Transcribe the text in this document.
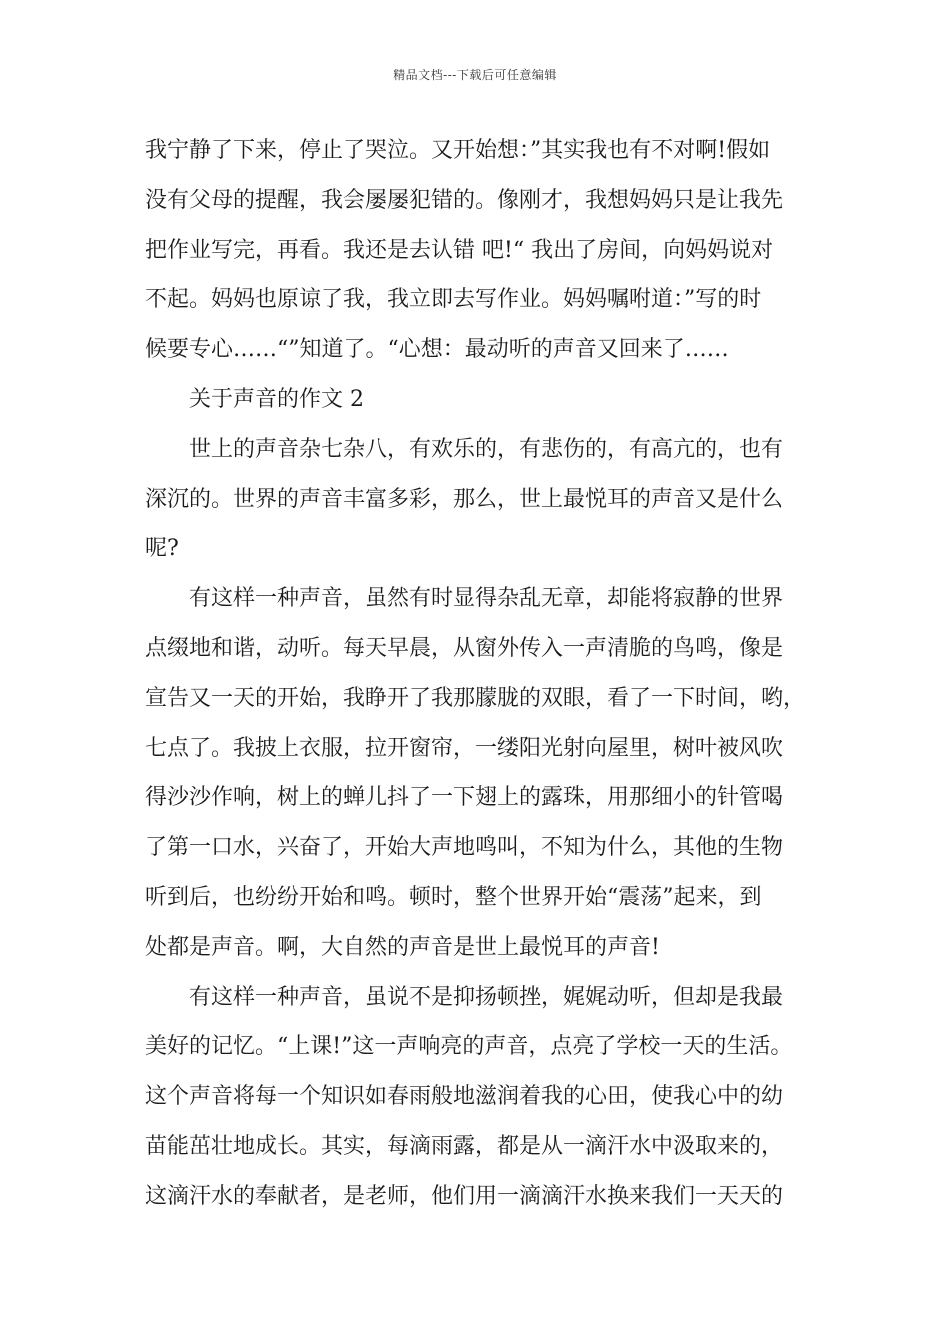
精品文档---下载后可任意编辑
我宁静了下来，停止了哭泣。又开始想：”其实我也有不对啊!假如
没有父母的提醒，我会屡屡犯错的。像刚才，我想妈妈只是让我先
把作业写完，再看。我还是去认错 吧!“ 我出了房间，向妈妈说对
不起。妈妈也原谅了我，我立即去写作业。妈妈嘱咐道：”写的时
候要专心……“”知道了。“心想：最动听的声音又回来了……
关于声音的作文 2
世上的声音杂七杂八，有欢乐的，有悲伤的，有高亢的，也有
深沉的。世界的声音丰富多彩，那么，世上最悦耳的声音又是什么
呢?
有这样一种声音，虽然有时显得杂乱无章，却能将寂静的世界
点缀地和谐，动听。每天早晨，从窗外传入一声清脆的鸟鸣，像是
宣告又一天的开始，我睁开了我那朦胧的双眼，看了一下时间，哟，
七点了。我披上衣服，拉开窗帘，一缕阳光射向屋里，树叶被风吹
得沙沙作响，树上的蝉儿抖了一下翅上的露珠，用那细小的针管喝
了第一口水，兴奋了，开始大声地鸣叫，不知为什么，其他的生物
听到后，也纷纷开始和鸣。顿时，整个世界开始“震荡”起来，到
处都是声音。啊，大自然的声音是世上最悦耳的声音!
有这样一种声音，虽说不是抑扬顿挫，娓娓动听，但却是我最
美好的记忆。“上课!”这一声响亮的声音，点亮了学校一天的生活。
这个声音将每一个知识如春雨般地滋润着我的心田，使我心中的幼
苗能茁壮地成长。其实，每滴雨露，都是从一滴汗水中汲取来的，
这滴汗水的奉献者，是老师，他们用一滴滴汗水换来我们一天天的
